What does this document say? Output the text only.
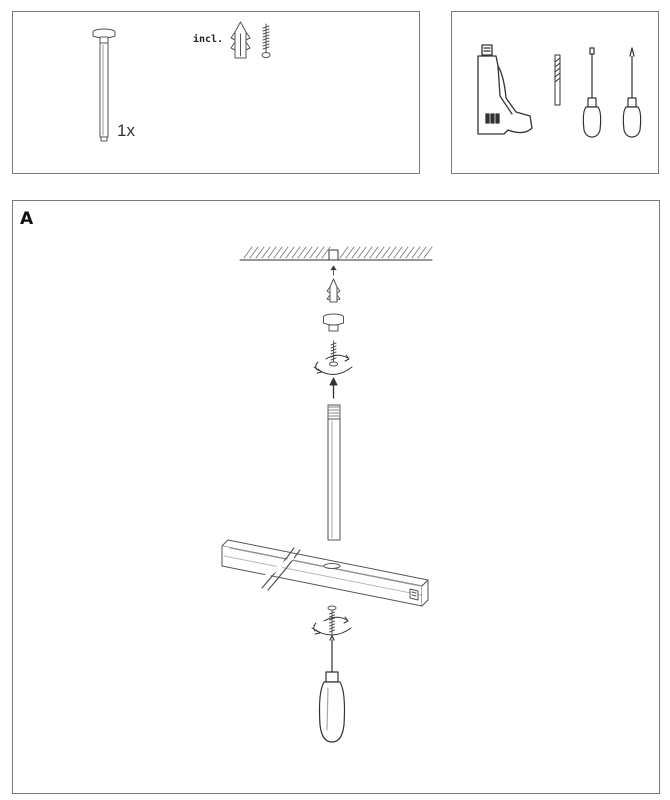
1x
incl.
A
